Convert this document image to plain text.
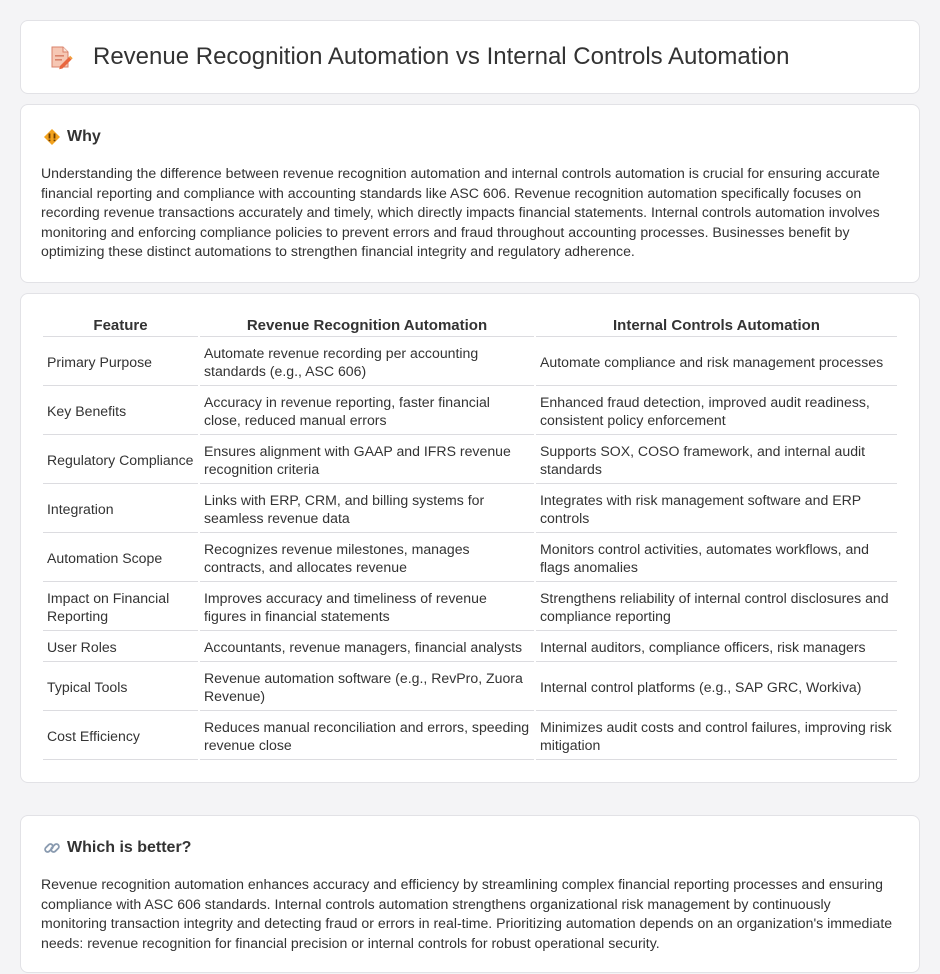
Revenue Recognition Automation vs Internal Controls Automation
Why

Understanding the difference between revenue recognition automation and internal controls automation is crucial for ensuring accurate financial reporting and compliance with accounting standards like ASC 606. Revenue recognition automation specifically focuses on recording revenue transactions accurately and timely, which directly impacts financial statements. Internal controls automation involves monitoring and enforcing compliance policies to prevent errors and fraud throughout accounting processes. Businesses benefit by optimizing these distinct automations to strengthen financial integrity and regulatory adherence.

Feature	Revenue Recognition Automation	Internal Controls Automation
Primary Purpose	Automate revenue recording per accounting standards (e.g., ASC 606)	Automate compliance and risk management processes
Key Benefits	Accuracy in revenue reporting, faster financial close, reduced manual errors	Enhanced fraud detection, improved audit readiness, consistent policy enforcement
Regulatory Compliance	Ensures alignment with GAAP and IFRS revenue recognition criteria	Supports SOX, COSO framework, and internal audit standards
Integration	Links with ERP, CRM, and billing systems for seamless revenue data	Integrates with risk management software and ERP controls
Automation Scope	Recognizes revenue milestones, manages contracts, and allocates revenue	Monitors control activities, automates workflows, and flags anomalies
Impact on Financial Reporting	Improves accuracy and timeliness of revenue figures in financial statements	Strengthens reliability of internal control disclosures and compliance reporting
User Roles	Accountants, revenue managers, financial analysts	Internal auditors, compliance officers, risk managers
Typical Tools	Revenue automation software (e.g., RevPro, Zuora Revenue)	Internal control platforms (e.g., SAP GRC, Workiva)
Cost Efficiency	Reduces manual reconciliation and errors, speeding revenue close	Minimizes audit costs and control failures, improving risk mitigation
Which is better?

Revenue recognition automation enhances accuracy and efficiency by streamlining complex financial reporting processes and ensuring compliance with ASC 606 standards. Internal controls automation strengthens organizational risk management by continuously monitoring transaction integrity and detecting fraud or errors in real-time. Prioritizing automation depends on an organization's immediate needs: revenue recognition for financial precision or internal controls for robust operational security.
